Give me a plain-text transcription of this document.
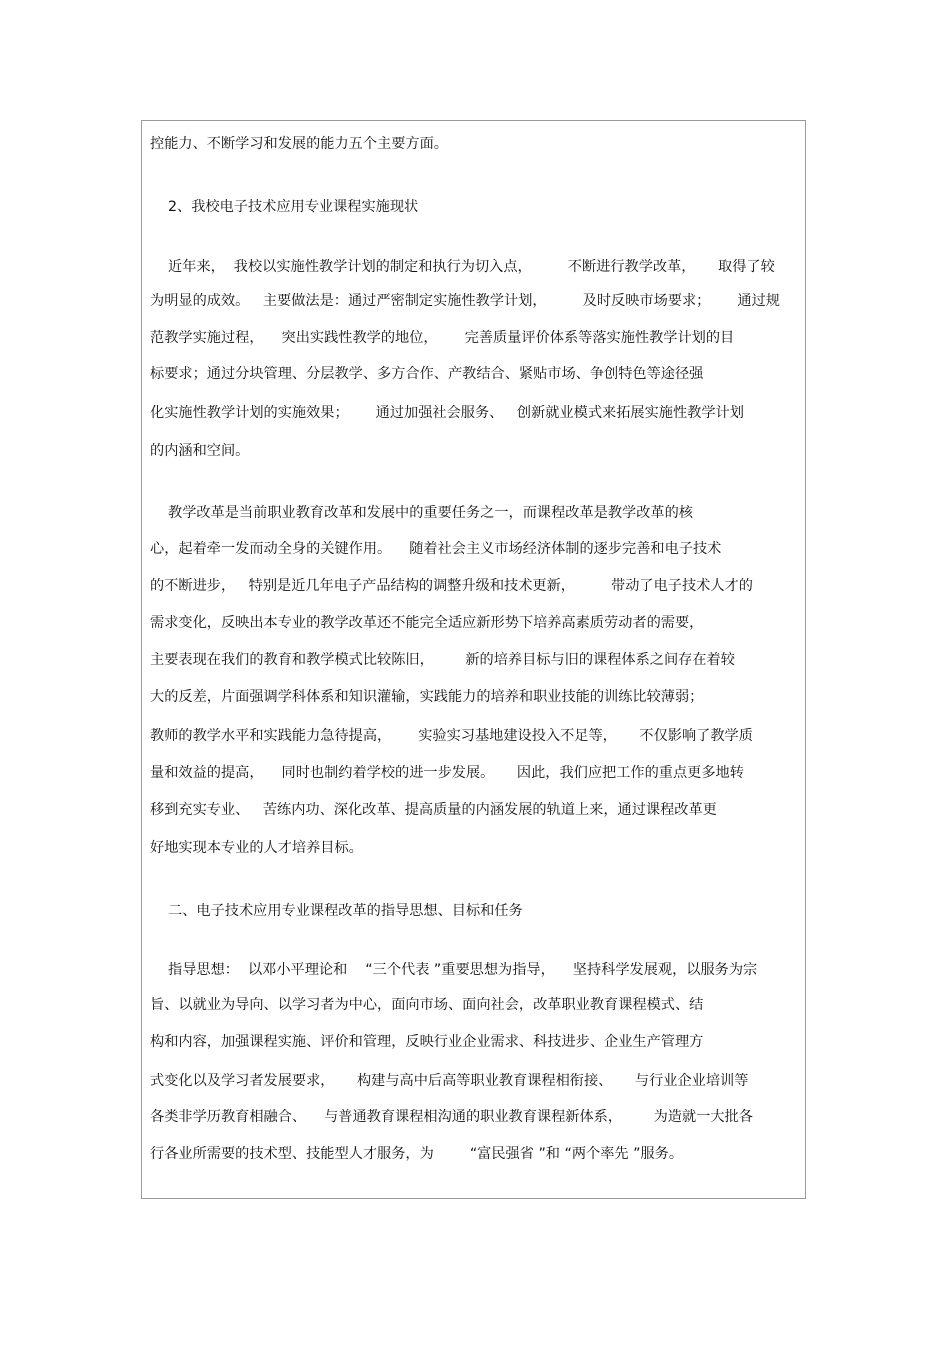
控能力、不断学习和发展的能力五个主要方面。
2、我校电子技术应用专业课程实施现状
近年来，  我校以实施性教学计划的制定和执行为切入点，        不断进行教学改革，     取得了较
为明显的成效。   主要做法是：通过严密制定实施性教学计划，        及时反映市场要求；      通过规
范教学实施过程，    突出实践性教学的地位，      完善质量评价体系等落实施性教学计划的目
标要求；通过分块管理、分层教学、多方合作、产教结合、紧贴市场、争创特色等途径强
化实施性教学计划的实施效果；      通过加强社会服务、   创新就业模式来拓展实施性教学计划
的内涵和空间。
教学改革是当前职业教育改革和发展中的重要任务之一，而课程改革是教学改革的核
心，起着牵一发而动全身的关键作用。    随着社会主义市场经济体制的逐步完善和电子技术
的不断进步，   特别是近几年电子产品结构的调整升级和技术更新，        带动了电子技术人才的
需求变化，反映出本专业的教学改革还不能完全适应新形势下培养高素质劳动者的需要，
主要表现在我们的教育和教学模式比较陈旧，       新的培养目标与旧的课程体系之间存在着较
大的反差，片面强调学科体系和知识灌输，实践能力的培养和职业技能的训练比较薄弱；
教师的教学水平和实践能力急待提高，      实验实习基地建设投入不足等，     不仅影响了教学质
量和效益的提高，    同时也制约着学校的进一步发展。     因此，我们应把工作的重点更多地转
移到充实专业、   苦练内功、深化改革、提高质量的内涵发展的轨道上来，通过课程改革更
好地实现本专业的人才培养目标。
二、电子技术应用专业课程改革的指导思想、目标和任务
指导思想：  以邓小平理论和    “三个代表 ”重要思想为指导，    坚持科学发展观，以服务为宗
旨、以就业为导向、以学习者为中心，面向市场、面向社会，改革职业教育课程模式、结
构和内容，加强课程实施、评价和管理，反映行业企业需求、科技进步、企业生产管理方
式变化以及学习者发展要求，     构建与高中后高等职业教育课程相衔接、     与行业企业培训等
各类非学历教育相融合、    与普通教育课程相沟通的职业教育课程新体系，       为造就一大批各
行各业所需要的技术型、技能型人才服务，为        “富民强省 ”和 “两个率先 ”服务。
